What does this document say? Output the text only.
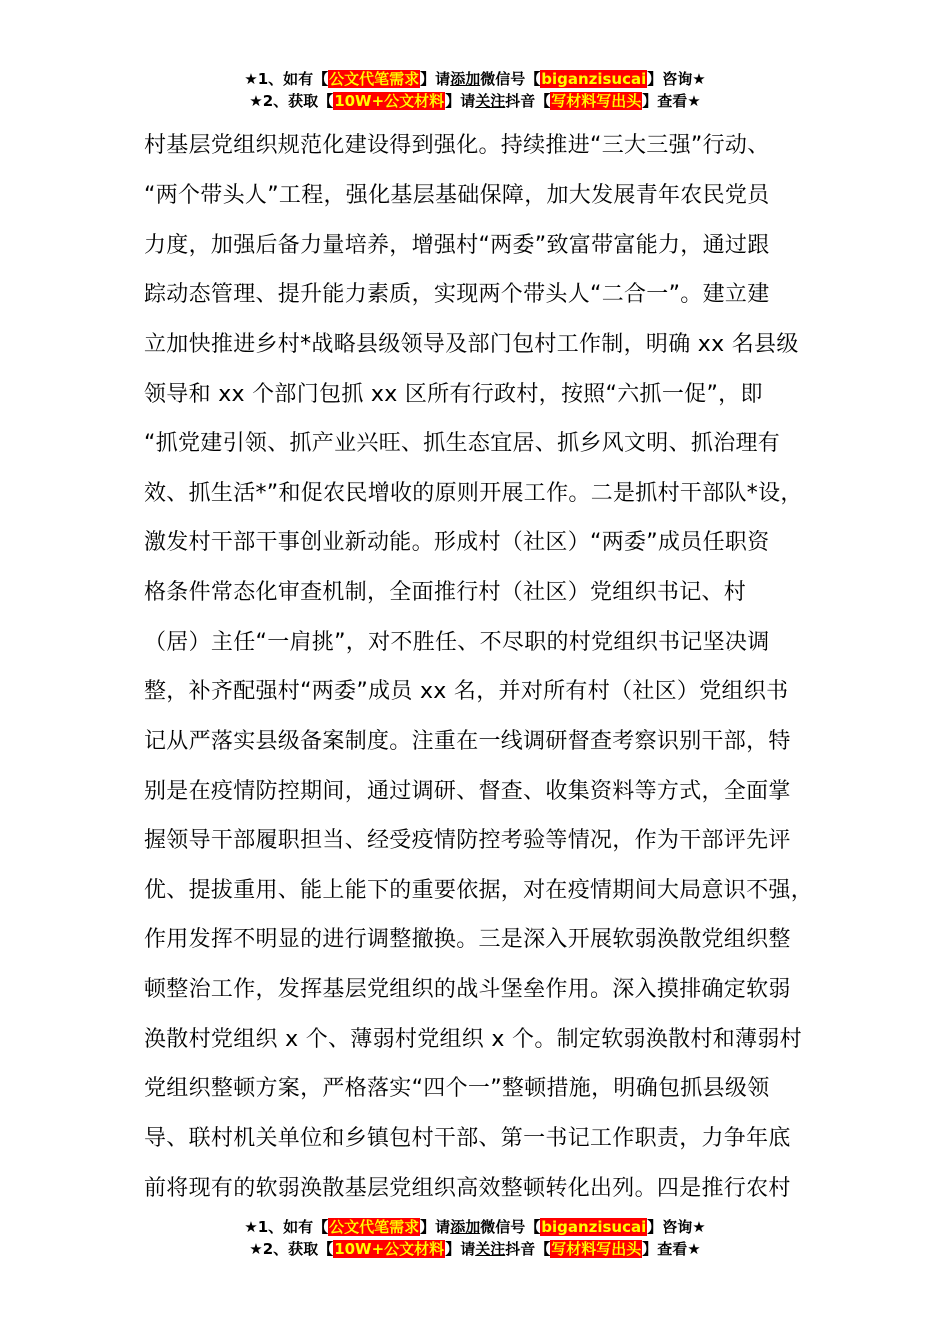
★1、如有【公文代笔需求】请添加微信号【biganzisucai】咨询★
★2、获取【10W+公文材料】请关注抖音【写材料写出头】查看★
村基层党组织规范化建设得到强化。持续推进“三大三强”行动、
“两个带头人”工程，强化基层基础保障，加大发展青年农民党员
力度，加强后备力量培养，增强村“两委”致富带富能力，通过跟
踪动态管理、提升能力素质，实现两个带头人“二合一”。建立建
立加快推进乡村*战略县级领导及部门包村工作制，明确 xx 名县级
领导和 xx 个部门包抓 xx 区所有行政村，按照“六抓一促”，即
“抓党建引领、抓产业兴旺、抓生态宜居、抓乡风文明、抓治理有
效、抓生活*”和促农民增收的原则开展工作。二是抓村干部队*设，
激发村干部干事创业新动能。形成村（社区）“两委”成员任职资
格条件常态化审查机制，全面推行村（社区）党组织书记、村
（居）主任“一肩挑”，对不胜任、不尽职的村党组织书记坚决调
整，补齐配强村“两委”成员 xx 名，并对所有村（社区）党组织书
记从严落实县级备案制度。注重在一线调研督查考察识别干部，特
别是在疫情防控期间，通过调研、督查、收集资料等方式，全面掌
握领导干部履职担当、经受疫情防控考验等情况，作为干部评先评
优、提拔重用、能上能下的重要依据，对在疫情期间大局意识不强，
作用发挥不明显的进行调整撤换。三是深入开展软弱涣散党组织整
顿整治工作，发挥基层党组织的战斗堡垒作用。深入摸排确定软弱
涣散村党组织 x 个、薄弱村党组织 x 个。制定软弱涣散村和薄弱村
党组织整顿方案，严格落实“四个一”整顿措施，明确包抓县级领
导、联村机关单位和乡镇包村干部、第一书记工作职责，力争年底
前将现有的软弱涣散基层党组织高效整顿转化出列。四是推行农村
★1、如有【公文代笔需求】请添加微信号【biganzisucai】咨询★
★2、获取【10W+公文材料】请关注抖音【写材料写出头】查看★
